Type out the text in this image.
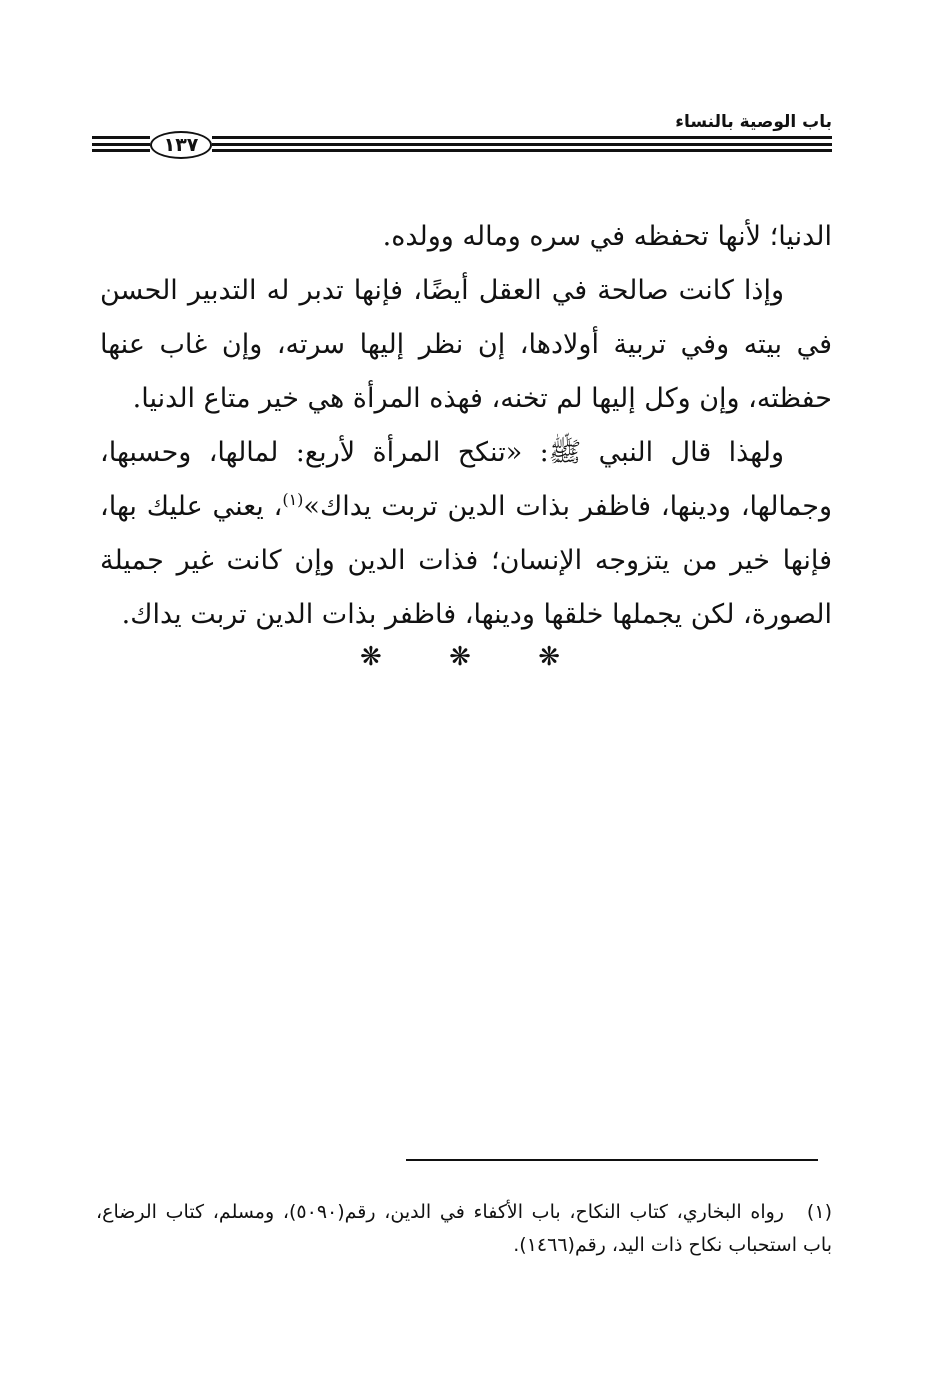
باب الوصية بالنساء
١٣٧

الدنيا؛ لأنها تحفظه في سره وماله وولده.

وإذا كانت صالحة في العقل أيضًا، فإنها تدبر له التدبير الحسن في بيته وفي تربية أولادها، إن نظر إليها سرته، وإن غاب عنها حفظته، وإن وكل إليها لم تخنه، فهذه المرأة هي خير متاع الدنيا.

ولهذا قال النبي ﷺ: «تنكح المرأة لأربع: لمالها، وحسبها، وجمالها، ودينها، فاظفر بذات الدين تربت يداك»$^{(١)}$، يعني عليك بها، فإنها خير من يتزوجه الإنسان؛ فذات الدين وإن كانت غير جميلة الصورة، لكن يجملها خلقها ودينها، فاظفر بذات الدين تربت يداك.

❋	❋	❋
(١)رواه البخاري، كتاب النكاح، باب الأكفاء في الدين، رقم(٥٠٩٠)، ومسلم، كتاب الرضاع، باب استحباب نكاح ذات اليد، رقم(١٤٦٦).
